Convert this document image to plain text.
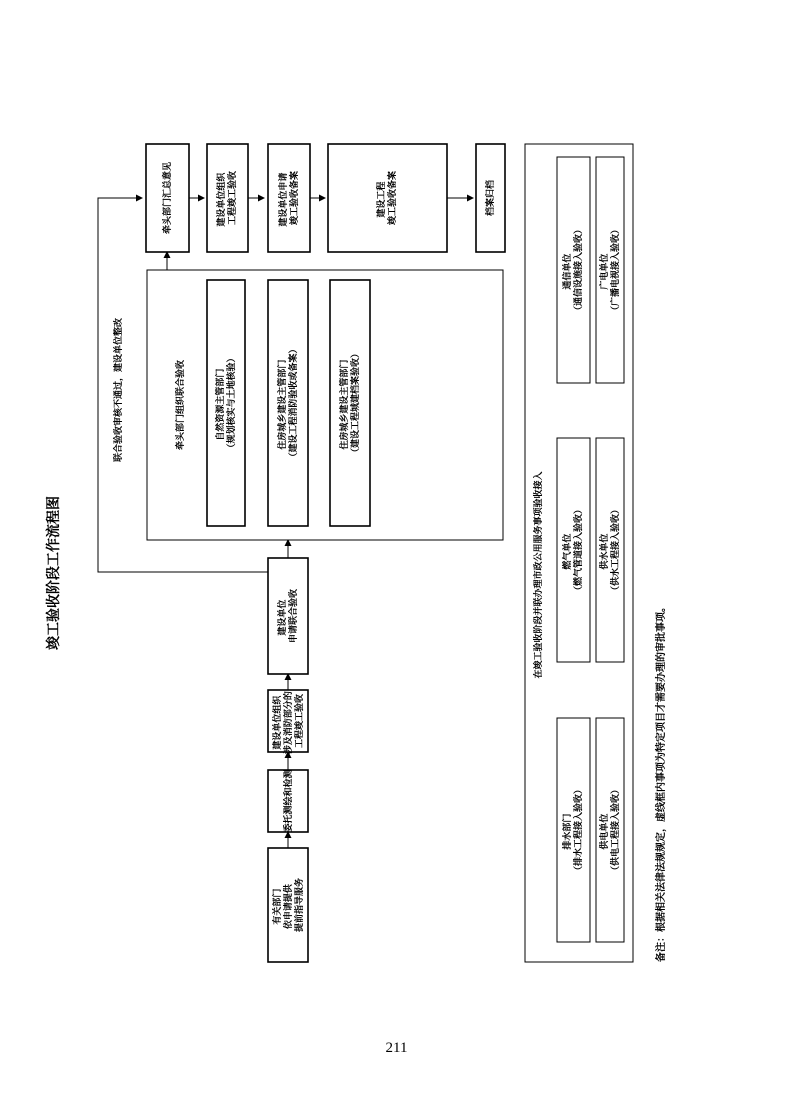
竣工验收阶段工作流程图
联合验收审核不通过，建设单位整改
有关部门 依申请提供 提前指导服务
委托测绘和检测
建设单位组织 涉及消防部分的 工程竣工验收
建设单位 申请联合验收
牵头部门组织联合验收	自然资源主管部门 （规划核实与土地核验）	住房城乡建设主管部门 （建设工程消防验收或备案）	住房城乡建设主管部门 （建设工程城建档案验收）
牵头部门汇总意见	建设单位组织 工程竣工验收	建设单位申请 竣工验收备案	建设工程 竣工验收备案	档案归档
在竣工验收阶段并联办理市政公用服务事项验收接入
排水部门 （排水工程接入验收） 供电单位 （供电工程接入验收）
燃气单位 （燃气管道接入验收） 供水单位 （供水工程接入验收）
通信单位 （通信设施接入验收） 广电单位 （广播电视接入验收）
备注：根据相关法律法规规定，虚线框内事项为特定项目才需要办理的审批事项。
211
